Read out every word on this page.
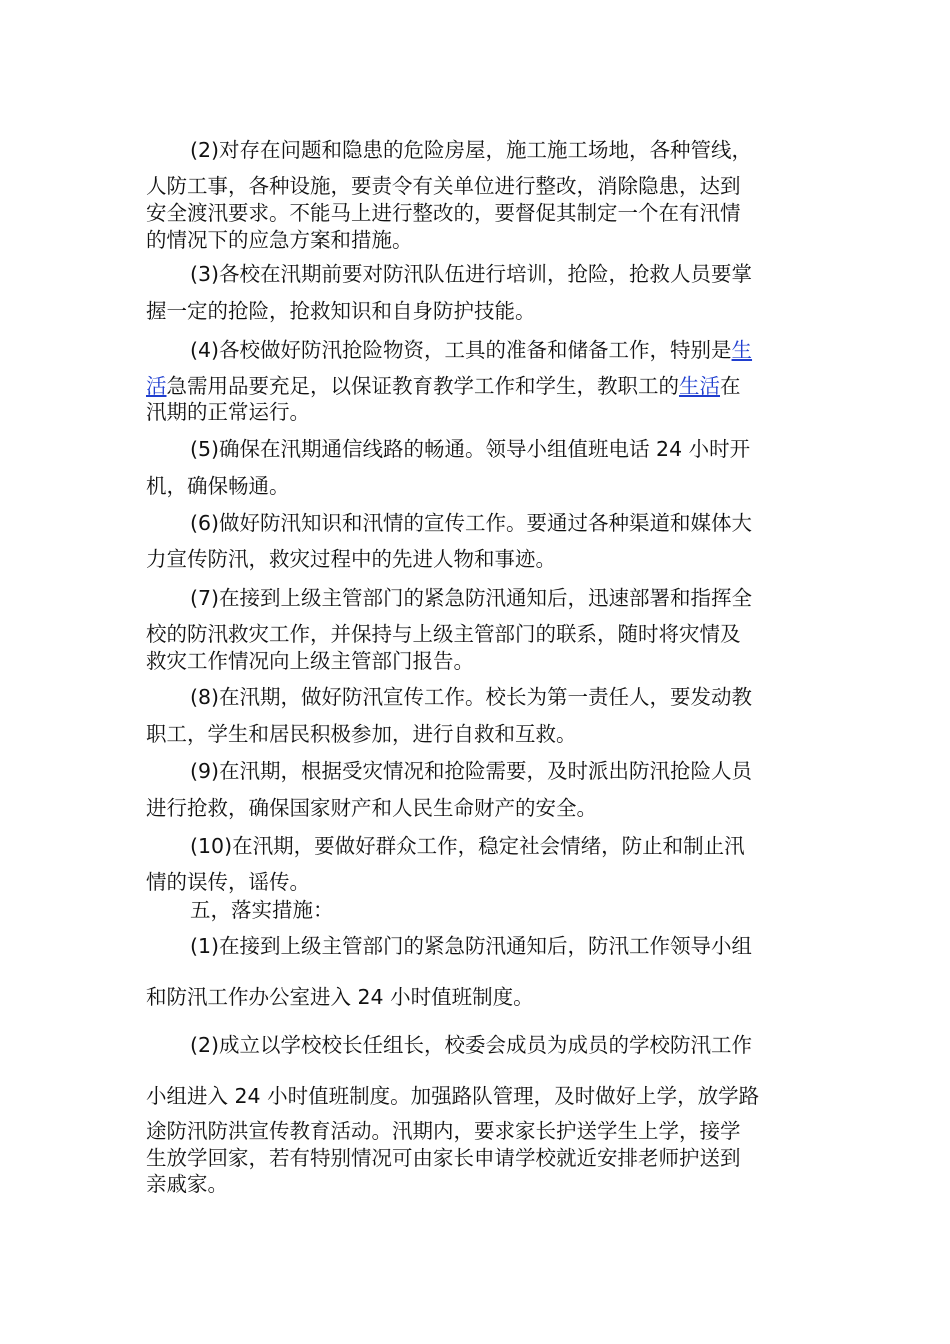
(2)对存在问题和隐患的危险房屋，施工施工场地，各种管线，
人防工事，各种设施，要责令有关单位进行整改，消除隐患，达到
安全渡汛要求。不能马上进行整改的，要督促其制定一个在有汛情
的情况下的应急方案和措施。
(3)各校在汛期前要对防汛队伍进行培训，抢险，抢救人员要掌
握一定的抢险，抢救知识和自身防护技能。
(4)各校做好防汛抢险物资，工具的准备和储备工作，特别是生
活急需用品要充足，以保证教育教学工作和学生，教职工的生活在
汛期的正常运行。
(5)确保在汛期通信线路的畅通。领导小组值班电话 24 小时开
机，确保畅通。
(6)做好防汛知识和汛情的宣传工作。要通过各种渠道和媒体大
力宣传防汛，救灾过程中的先进人物和事迹。
(7)在接到上级主管部门的紧急防汛通知后，迅速部署和指挥全
校的防汛救灾工作，并保持与上级主管部门的联系，随时将灾情及
救灾工作情况向上级主管部门报告。
(8)在汛期，做好防汛宣传工作。校长为第一责任人，要发动教
职工，学生和居民积极参加，进行自救和互救。
(9)在汛期，根据受灾情况和抢险需要，及时派出防汛抢险人员
进行抢救，确保国家财产和人民生命财产的安全。
(10)在汛期，要做好群众工作，稳定社会情绪，防止和制止汛
情的误传，谣传。
五，落实措施：
(1)在接到上级主管部门的紧急防汛通知后，防汛工作领导小组
和防汛工作办公室进入 24 小时值班制度。
(2)成立以学校校长任组长，校委会成员为成员的学校防汛工作
小组进入 24 小时值班制度。加强路队管理，及时做好上学，放学路
途防汛防洪宣传教育活动。汛期内，要求家长护送学生上学，接学
生放学回家，若有特别情况可由家长申请学校就近安排老师护送到
亲戚家。
